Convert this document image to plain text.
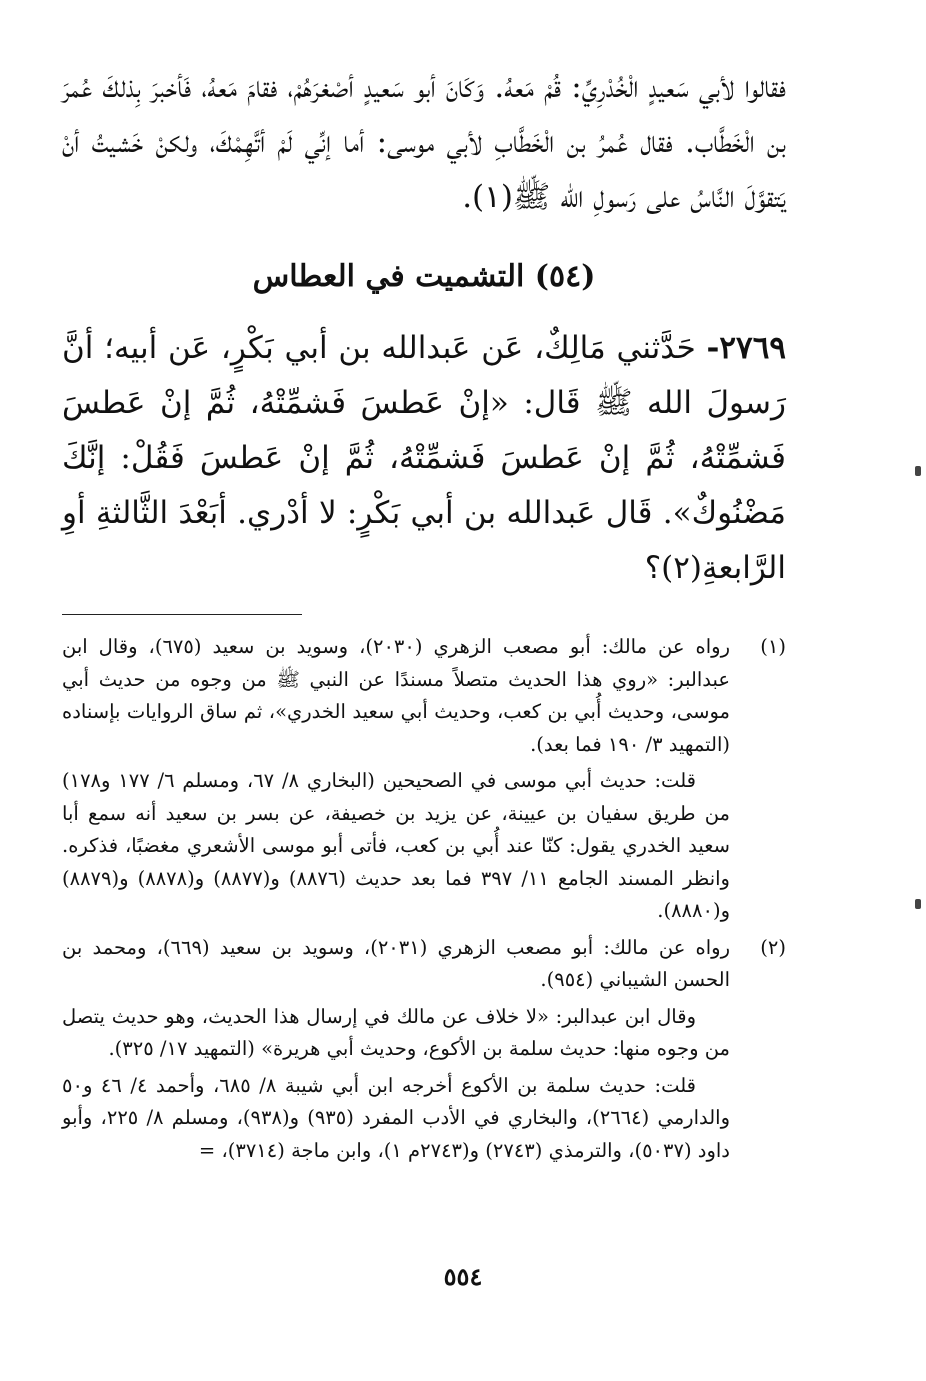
فقالوا لأبي سَعيدٍ الْخُدْرِيِّ: قُمْ مَعهُ. وَكَانَ أبو سَعيدٍ أصْغرَهُمْ، فقامَ مَعهُ، فَأخبرَ بِذلكَ عُمرَ بن الْخَطَّاب. فقال عُمرُ بن الْخَطَّابِ لأبي موسى: أما إنِّي لَمْ أتَّهِمْكَ، ولكنْ خَشيتُ أنْ يَتقوَّلَ النَّاسُ على رَسولِ الله ﷺ(١).

(٥٤) التشميت في العطاس

٢٧٦٩- حَدَّثني مَالِكٌ، عَن عَبدالله بن أبي بَكْرٍ، عَن أبيه؛ أنَّ رَسولَ الله ﷺ قَال: «إنْ عَطسَ فَشمِّتْهُ، ثُمَّ إنْ عَطسَ فَشمِّتْهُ، ثُمَّ إنْ عَطسَ فَشمِّتْهُ، ثُمَّ إنْ عَطسَ فَقُلْ: إنَّكَ مَضْنُوكٌ». قَال عَبدالله بن أبي بَكْرٍ: لا أدْري. أبَعْدَ الثَّالثةِ أوِ الرَّابعةِ(٢)؟

(١)

رواه عن مالك: أبو مصعب الزهري (٢٠٣٠)، وسويد بن سعيد (٦٧٥)، وقال ابن عبدالبر: «روي هذا الحديث متصلاً مسندًا عن النبي ﷺ من وجوه من حديث أبي موسى، وحديث أُبي بن كعب، وحديث أبي سعيد الخدري»، ثم ساق الروايات بإسناده (التمهيد ٣/ ١٩٠ فما بعد).

قلت: حديث أبي موسى في الصحيحين (البخاري ٨/ ٦٧، ومسلم ٦/ ١٧٧ و١٧٨) من طريق سفيان بن عيينة، عن يزيد بن خصيفة، عن بسر بن سعيد أنه سمع أبا سعيد الخدري يقول: كنّا عند أُبي بن كعب، فأتى أبو موسى الأشعري مغضبًا، فذكره. وانظر المسند الجامع ١١/ ٣٩٧ فما بعد حديث (٨٨٧٦) و(٨٨٧٧) و(٨٨٧٨) و(٨٨٧٩) و(٨٨٨٠).

(٢)

رواه عن مالك: أبو مصعب الزهري (٢٠٣١)، وسويد بن سعيد (٦٦٩)، ومحمد بن الحسن الشيباني (٩٥٤).

وقال ابن عبدالبر: «لا خلاف عن مالك في إرسال هذا الحديث، وهو حديث يتصل من وجوه منها: حديث سلمة بن الأكوع، وحديث أبي هريرة» (التمهيد ١٧/ ٣٢٥).

قلت: حديث سلمة بن الأكوع أخرجه ابن أبي شيبة ٨/ ٦٨٥، وأحمد ٤/ ٤٦ و٥٠ والدارمي (٢٦٦٤)، والبخاري في الأدب المفرد (٩٣٥) و(٩٣٨)، ومسلم ٨/ ٢٢٥، وأبو داود (٥٠٣٧)، والترمذي (٢٧٤٣) و(٢٧٤٣م ١)، وابن ماجة (٣٧١٤)، =

٥٥٤
